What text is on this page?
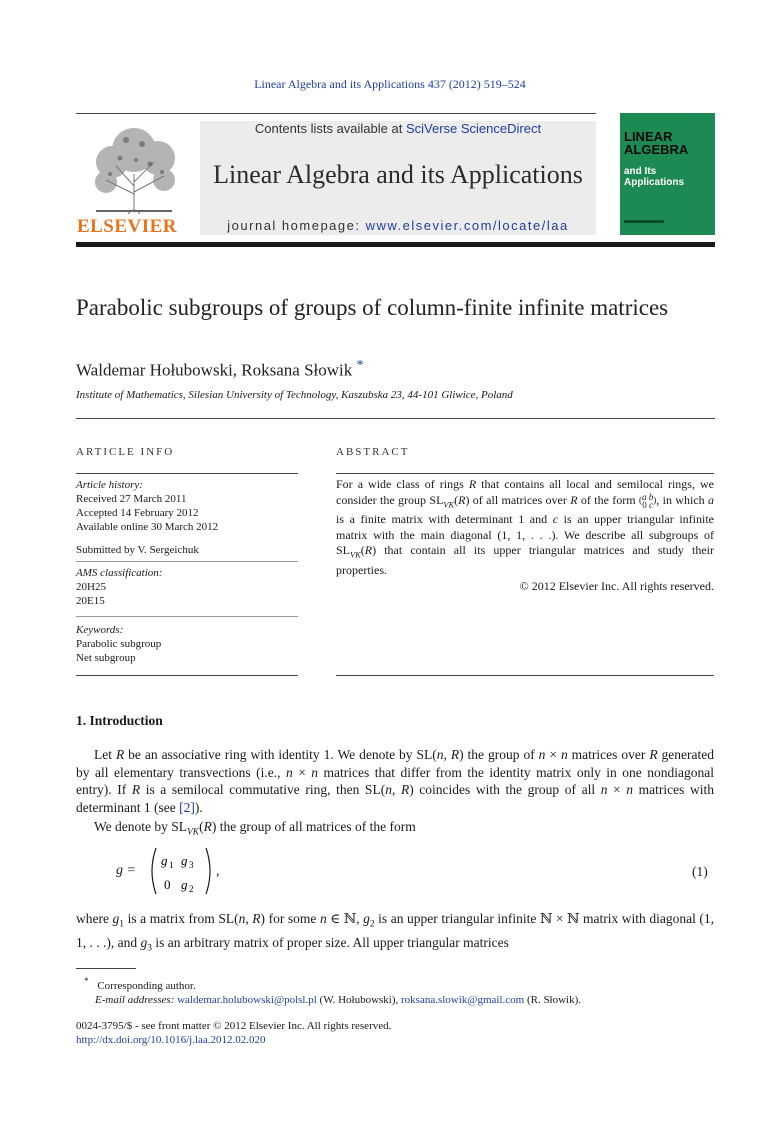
Linear Algebra and its Applications 437 (2012) 519–524
ELSEVIER
Contents lists available at SciVerse ScienceDirect
Linear Algebra and its Applications
journal homepage: www.elsevier.com/locate/laa
LINEAR
ALGEBRA
and Its
Applications
Parabolic subgroups of groups of column-finite infinite matrices
Waldemar Hołubowski, Roksana Słowik *
Institute of Mathematics, Silesian University of Technology, Kaszubska 23, 44-101 Gliwice, Poland
ARTICLE INFO
Article history:
Received 27 March 2011
Accepted 14 February 2012
Available online 30 March 2012
Submitted by V. Sergeichuk
AMS classification:
20H25
20E15
Keywords:
Parabolic subgroup
Net subgroup
ABSTRACT
For a wide class of rings R that contains all local and semilocal rings, we consider the group $SL_{VK}(R)$ of all matrices over R of the form (a b
0 c), in which a is a finite matrix with determinant 1 and c is an upper triangular infinite matrix with the main diagonal (1, 1, . . .). We describe all subgroups of $SL_{VK}(R)$ that contain all its upper triangular matrices and study their properties.
© 2012 Elsevier Inc. All rights reserved.
1. Introduction
Let R be an associative ring with identity 1. We denote by SL(n, R) the group of n × n matrices over R generated by all elementary transvections (i.e., n × n matrices that differ from the identity matrix only in one nondiagonal entry). If R is a semilocal commutative ring, then SL(n, R) coincides with the group of all n × n matrices with determinant 1 (see [2]).
We denote by $SL_{VK}(R)$ the group of all matrices of the form
g =
g 1 g 3
0 g 2
,	(1)
where $g_1$ is a matrix from SL(n, R) for some n ∈ ℕ, $g_2$ is an upper triangular infinite ℕ × ℕ matrix with diagonal (1, 1, . . .), and $g_3$ is an arbitrary matrix of proper size. All upper triangular matrices
* Corresponding author.
E-mail addresses: waldemar.holubowski@polsl.pl (W. Hołubowski), roksana.slowik@gmail.com (R. Słowik).
0024-3795/$ - see front matter © 2012 Elsevier Inc. All rights reserved.
http://dx.doi.org/10.1016/j.laa.2012.02.020
